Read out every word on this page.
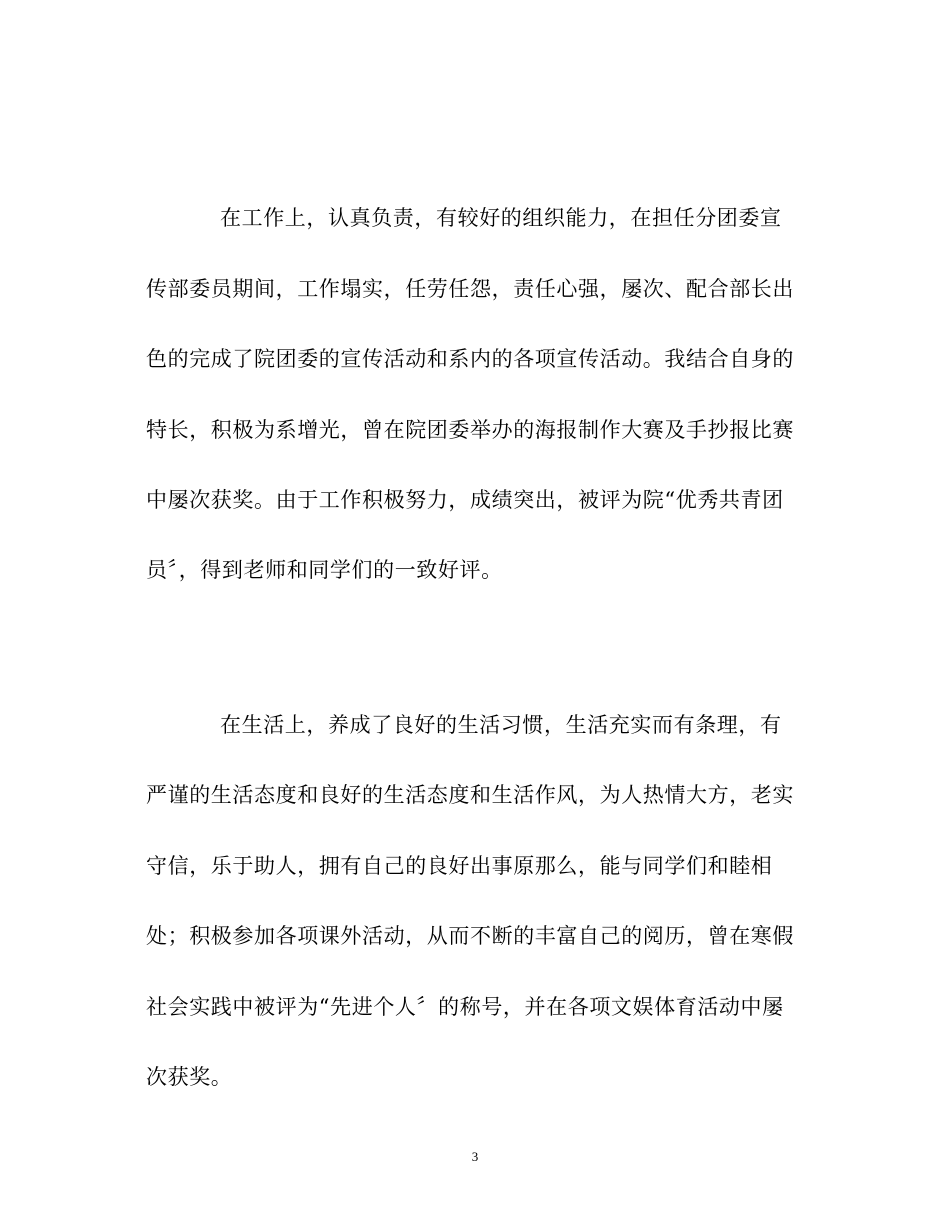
在工作上，认真负责，有较好的组织能力，在担任分团委宣
传部委员期间，工作塌实，任劳任怨，责任心强，屡次、配合部长出
色的完成了院团委的宣传活动和系内的各项宣传活动。我结合自身的
特长，积极为系增光，曾在院团委举办的海报制作大赛及手抄报比赛
中屡次获奖。由于工作积极努力，成绩突出，被评为院“优秀共青团
员〞，得到老师和同学们的一致好评。
在生活上，养成了良好的生活习惯，生活充实而有条理，有
严谨的生活态度和良好的生活态度和生活作风，为人热情大方，老实
守信，乐于助人，拥有自己的良好出事原那么，能与同学们和睦相
处；积极参加各项课外活动，从而不断的丰富自己的阅历，曾在寒假
社会实践中被评为“先进个人〞的称号，并在各项文娱体育活动中屡
次获奖。
3
